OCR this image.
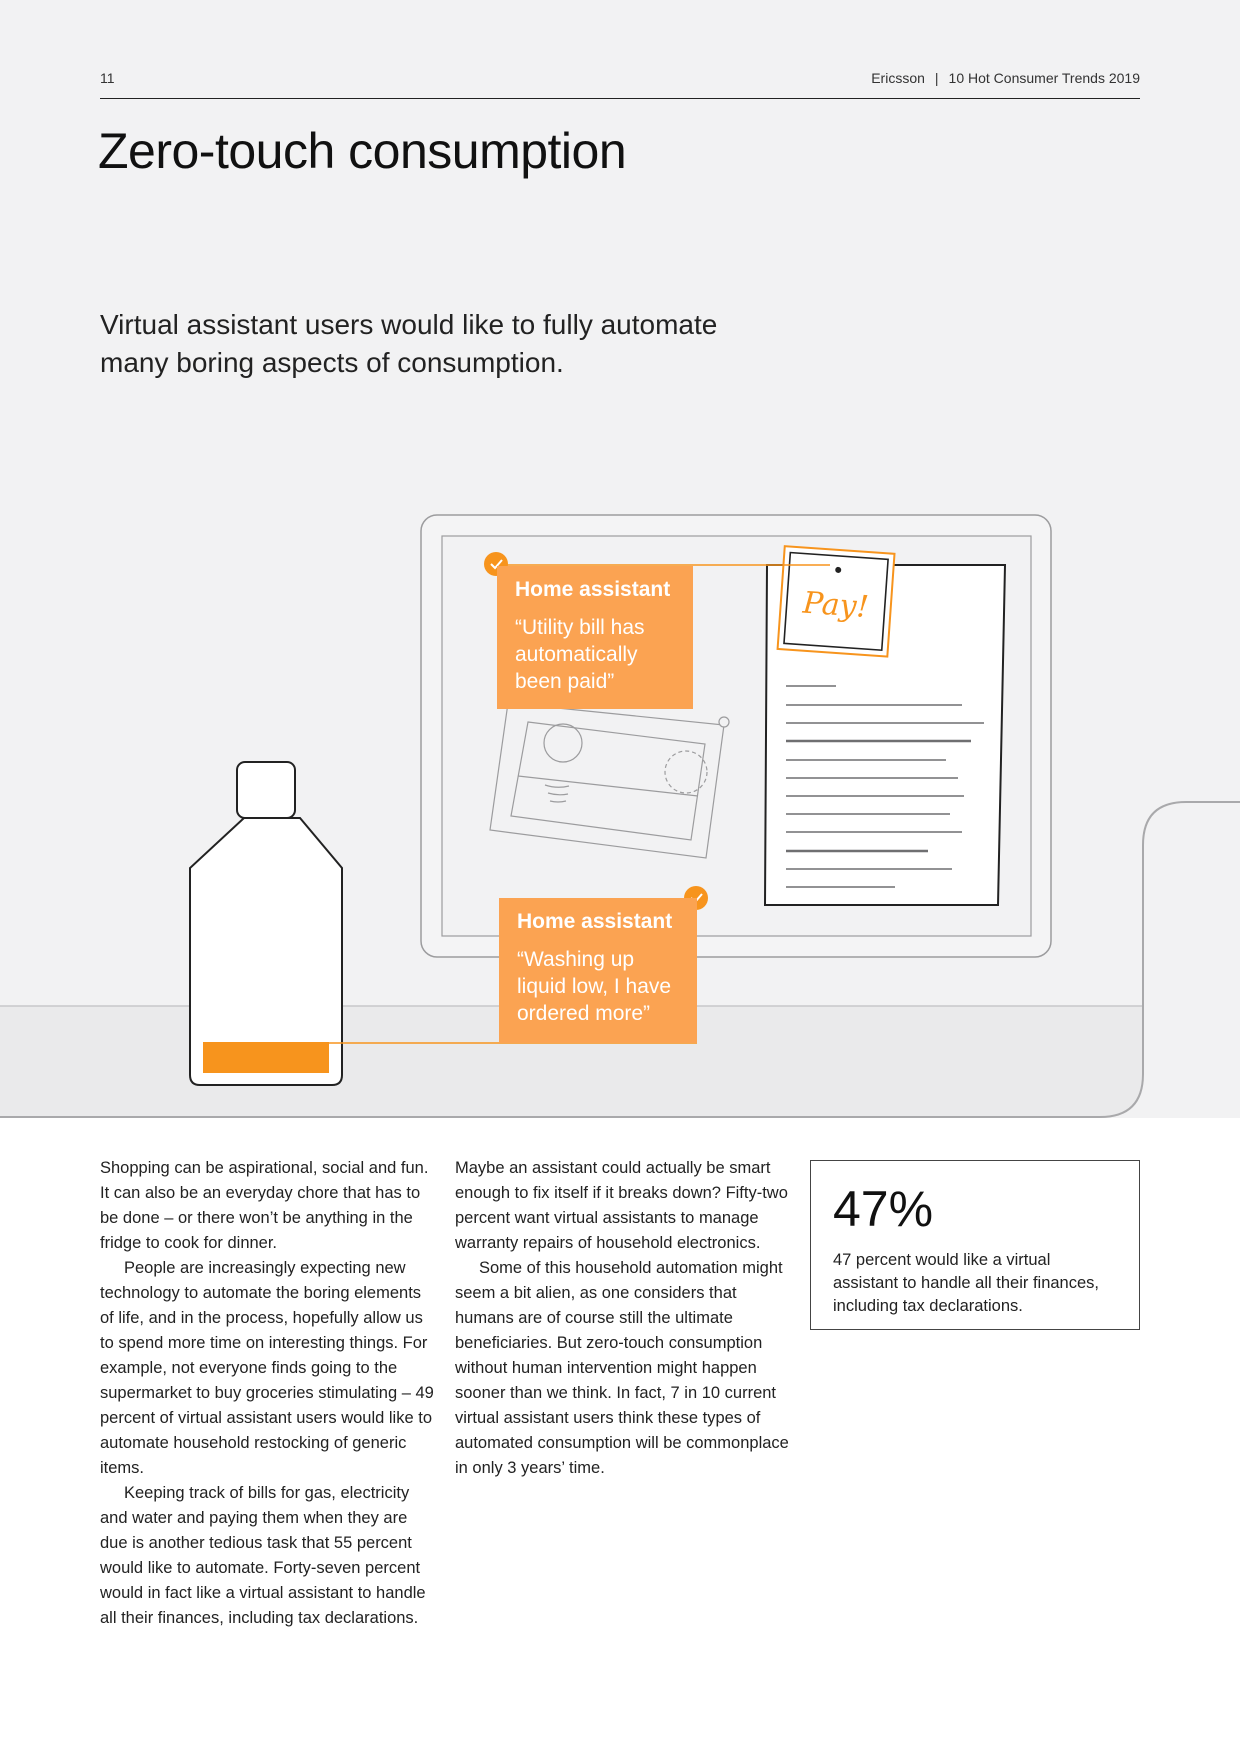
11	Ericsson | 10 Hot Consumer Trends 2019
Zero-touch consumption

Virtual assistant users would like to fully automate many boring aspects of consumption.

Pay!
Home assistant
“Utility bill has automatically been paid”
Home assistant
“Washing up liquid low, I have ordered more”

Shopping can be aspirational, social and fun. It can also be an everyday chore that has to be done – or there won’t be anything in the fridge to cook for dinner.

People are increasingly expecting new technology to automate the boring elements of life, and in the process, hopefully allow us to spend more time on interesting things. For example, not everyone finds going to the supermarket to buy groceries stimulating – 49 percent of virtual assistant users would like to automate household restocking of generic items.

Keeping track of bills for gas, electricity and water and paying them when they are due is another tedious task that 55 percent would like to automate. Forty-seven percent would in fact like a virtual assistant to handle all their finances, including tax declarations.

Maybe an assistant could actually be smart enough to fix itself if it breaks down? Fifty-two percent want virtual assistants to manage warranty repairs of household electronics.

Some of this household automation might seem a bit alien, as one considers that humans are of course still the ultimate beneficiaries. But zero-touch consumption without human intervention might happen sooner than we think. In fact, 7 in 10 current virtual assistant users think these types of automated consumption will be commonplace in only 3 years’ time.

47%
47 percent would like a virtual assistant to handle all their finances, including tax declarations.
